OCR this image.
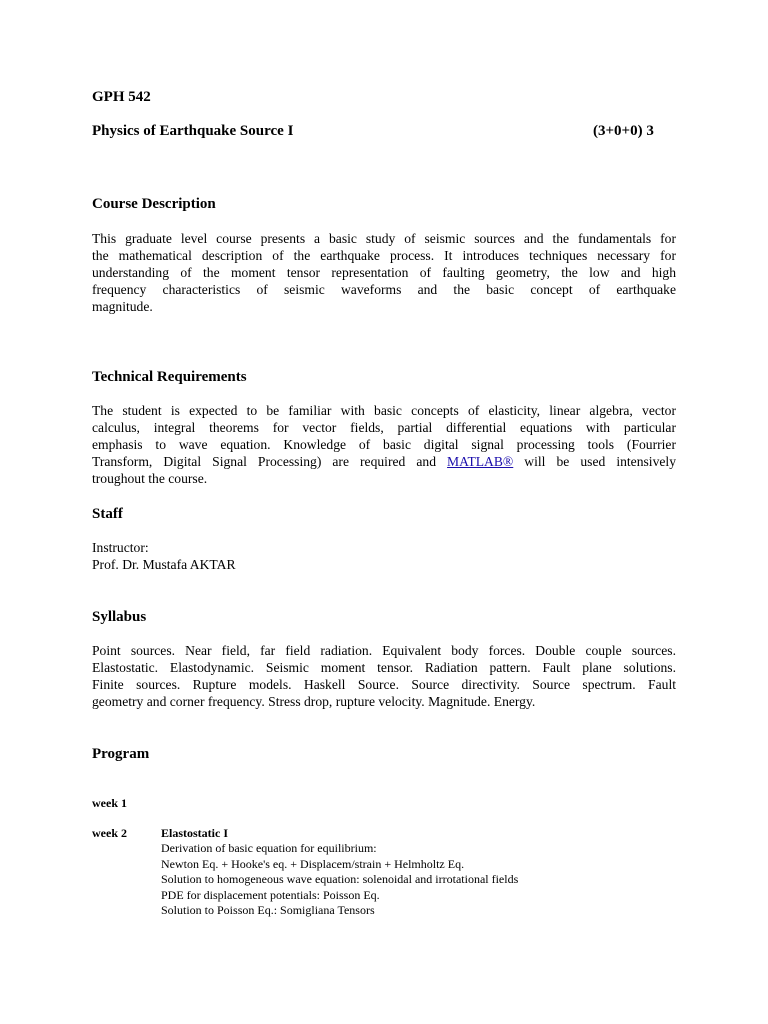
GPH 542
Physics of Earthquake Source I	(3+0+0) 3
Course Description
This graduate level course presents a basic study of seismic sources and the fundamentals for
the mathematical description of the earthquake process. It introduces techniques necessary for
understanding of the moment tensor representation of faulting geometry, the low and high
frequency characteristics of seismic waveforms and the basic concept of earthquake
magnitude.
Technical Requirements
The student is expected to be familiar with basic concepts of elasticity, linear algebra, vector
calculus, integral theorems for vector fields, partial differential equations with particular
emphasis to wave equation. Knowledge of basic digital signal processing tools (Fourrier
Transform, Digital Signal Processing) are required and MATLAB® will be used intensively
troughout the course.
Staff
Instructor:
Prof. Dr. Mustafa AKTAR
Syllabus
Point sources. Near field, far field radiation. Equivalent body forces. Double couple sources.
Elastostatic. Elastodynamic. Seismic moment tensor. Radiation pattern. Fault plane solutions.
Finite sources. Rupture models. Haskell Source. Source directivity. Source spectrum. Fault
geometry and corner frequency. Stress drop, rupture velocity. Magnitude. Energy.
Program
week 1
week 2	Elastostatic I
Derivation of basic equation for equilibrium:
Newton Eq. + Hooke's eq. + Displacem/strain + Helmholtz Eq.
Solution to homogeneous wave equation: solenoidal and irrotational fields
PDE for displacement potentials: Poisson Eq.
Solution to Poisson Eq.: Somigliana Tensors
